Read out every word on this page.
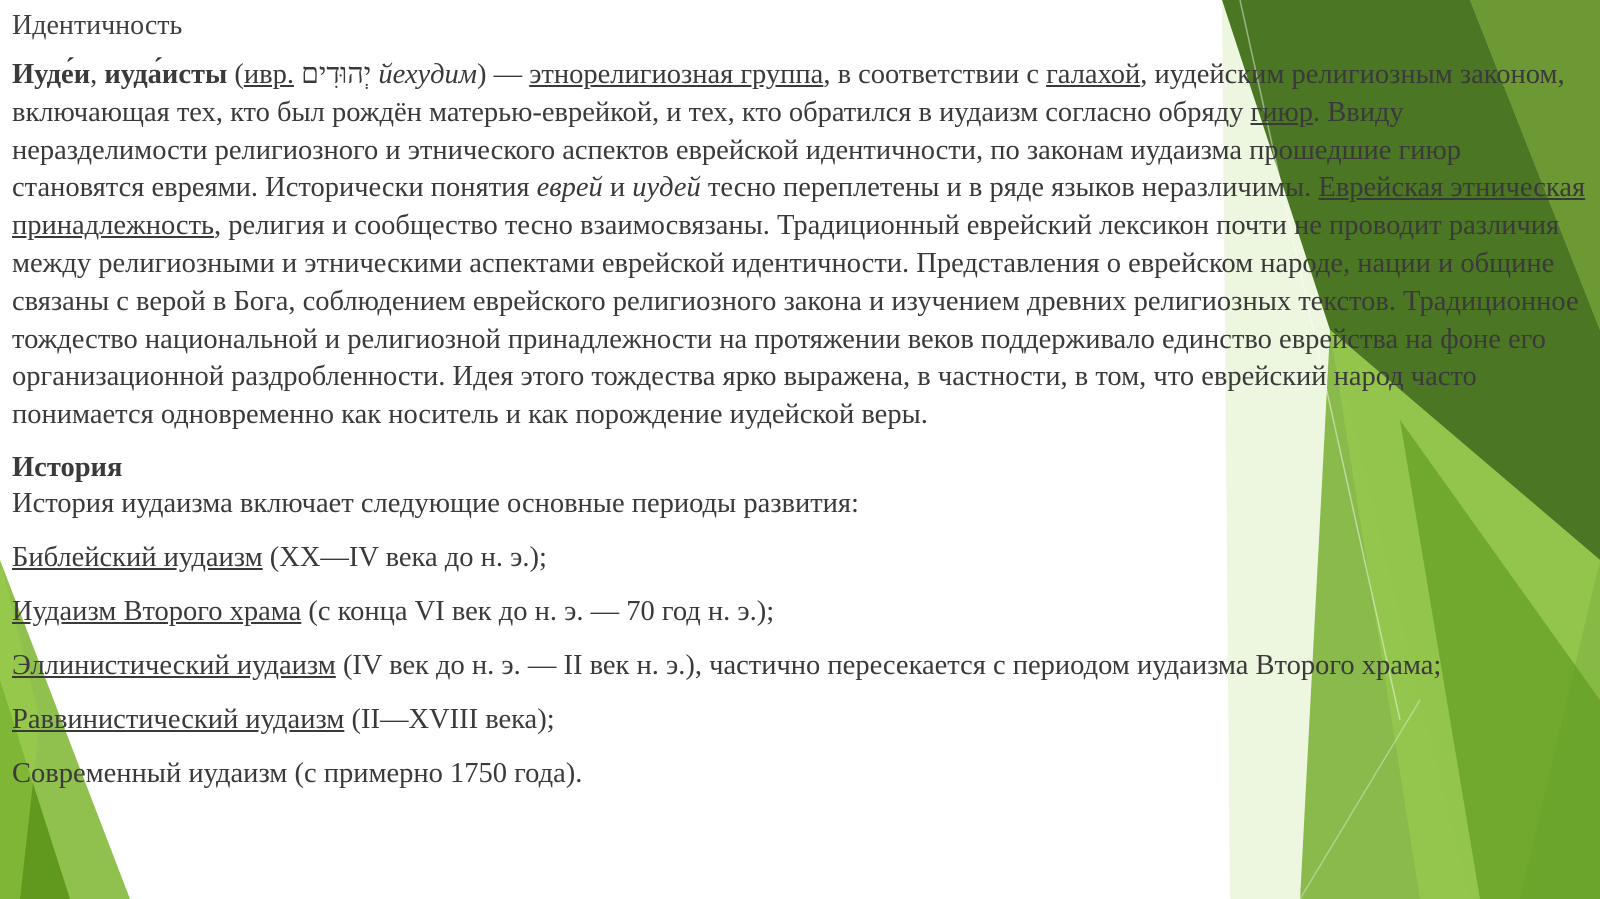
Идентичность

Иуде́и, иуда́исты (ивр. יְהוּדִים йехудим) — этнорелигиозная группа, в соответствии с галахой, иудейским религиозным законом, включающая тех, кто был рождён матерью-еврейкой, и тех, кто обратился в иудаизм согласно обряду гиюр. Ввиду неразделимости религиозного и этнического аспектов еврейской идентичности, по законам иудаизма прошедшие гиюр становятся евреями. Исторически понятия еврей и иудей тесно переплетены и в ряде языков неразличимы. Еврейская этническая принадлежность, религия и сообщество тесно взаимосвязаны. Традиционный еврейский лексикон почти не проводит различия между религиозными и этническими аспектами еврейской идентичности. Представления о еврейском народе, нации и общине связаны с верой в Бога, соблюдением еврейского религиозного закона и изучением древних религиозных текстов. Традиционное тождество национальной и религиозной принадлежности на протяжении веков поддерживало единство еврейства на фоне его организационной раздробленности. Идея этого тождества ярко выражена, в частности, в том, что еврейский народ часто понимается одновременно как носитель и как порождение иудейской веры.

История
История иудаизма включает следующие основные периоды развития:

Библейский иудаизм (XX—IV века до н. э.);

Иудаизм Второго храма (с конца VI век до н. э. — 70 год н. э.);

Эллинистический иудаизм (IV век до н. э. — II век н. э.), частично пересекается с периодом иудаизма Второго храма;

Раввинистический иудаизм (II—XVIII века);

Современный иудаизм (с примерно 1750 года).
